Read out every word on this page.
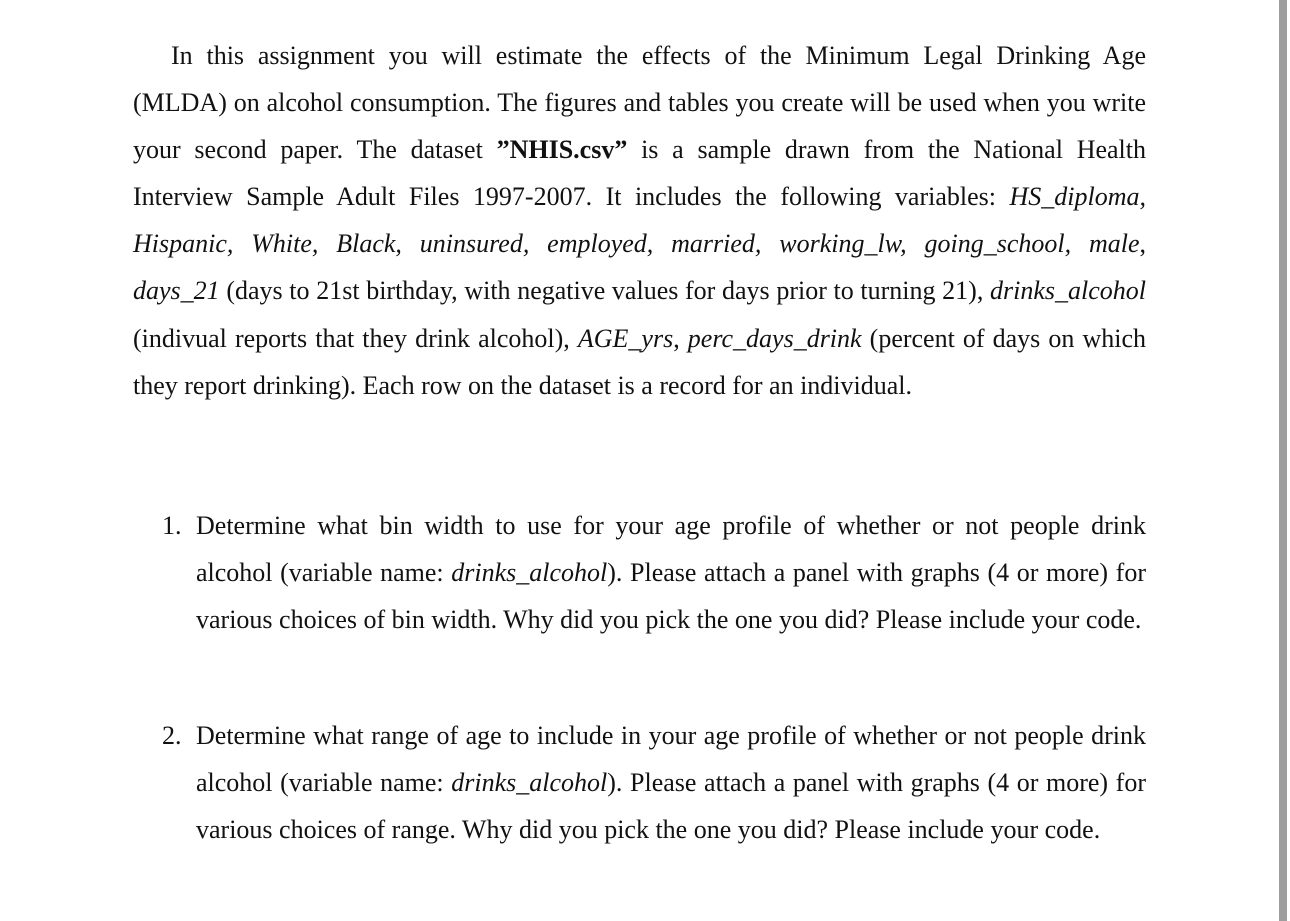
In this assignment you will estimate the effects of the Minimum Legal Drinking Age (MLDA) on alcohol consumption. The figures and tables you create will be used when you write your second paper. The dataset ”NHIS.csv” is a sample drawn from the National Health Interview Sample Adult Files 1997-2007. It includes the following variables: HS_diploma, Hispanic, White, Black, uninsured, employed, married, working_lw, going_school, male, days_21 (days to 21st birthday, with negative values for days prior to turning 21), drinks_alcohol (indivual reports that they drink alcohol), AGE_yrs, perc_days_drink (percent of days on which they report drinking). Each row on the dataset is a record for an individual.

1. Determine what bin width to use for your age profile of whether or not people drink alcohol (variable name: drinks_alcohol). Please attach a panel with graphs (4 or more) for various choices of bin width. Why did you pick the one you did? Please include your code.
2. Determine what range of age to include in your age profile of whether or not people drink alcohol (variable name: drinks_alcohol). Please attach a panel with graphs (4 or more) for various choices of range. Why did you pick the one you did? Please include your code.
